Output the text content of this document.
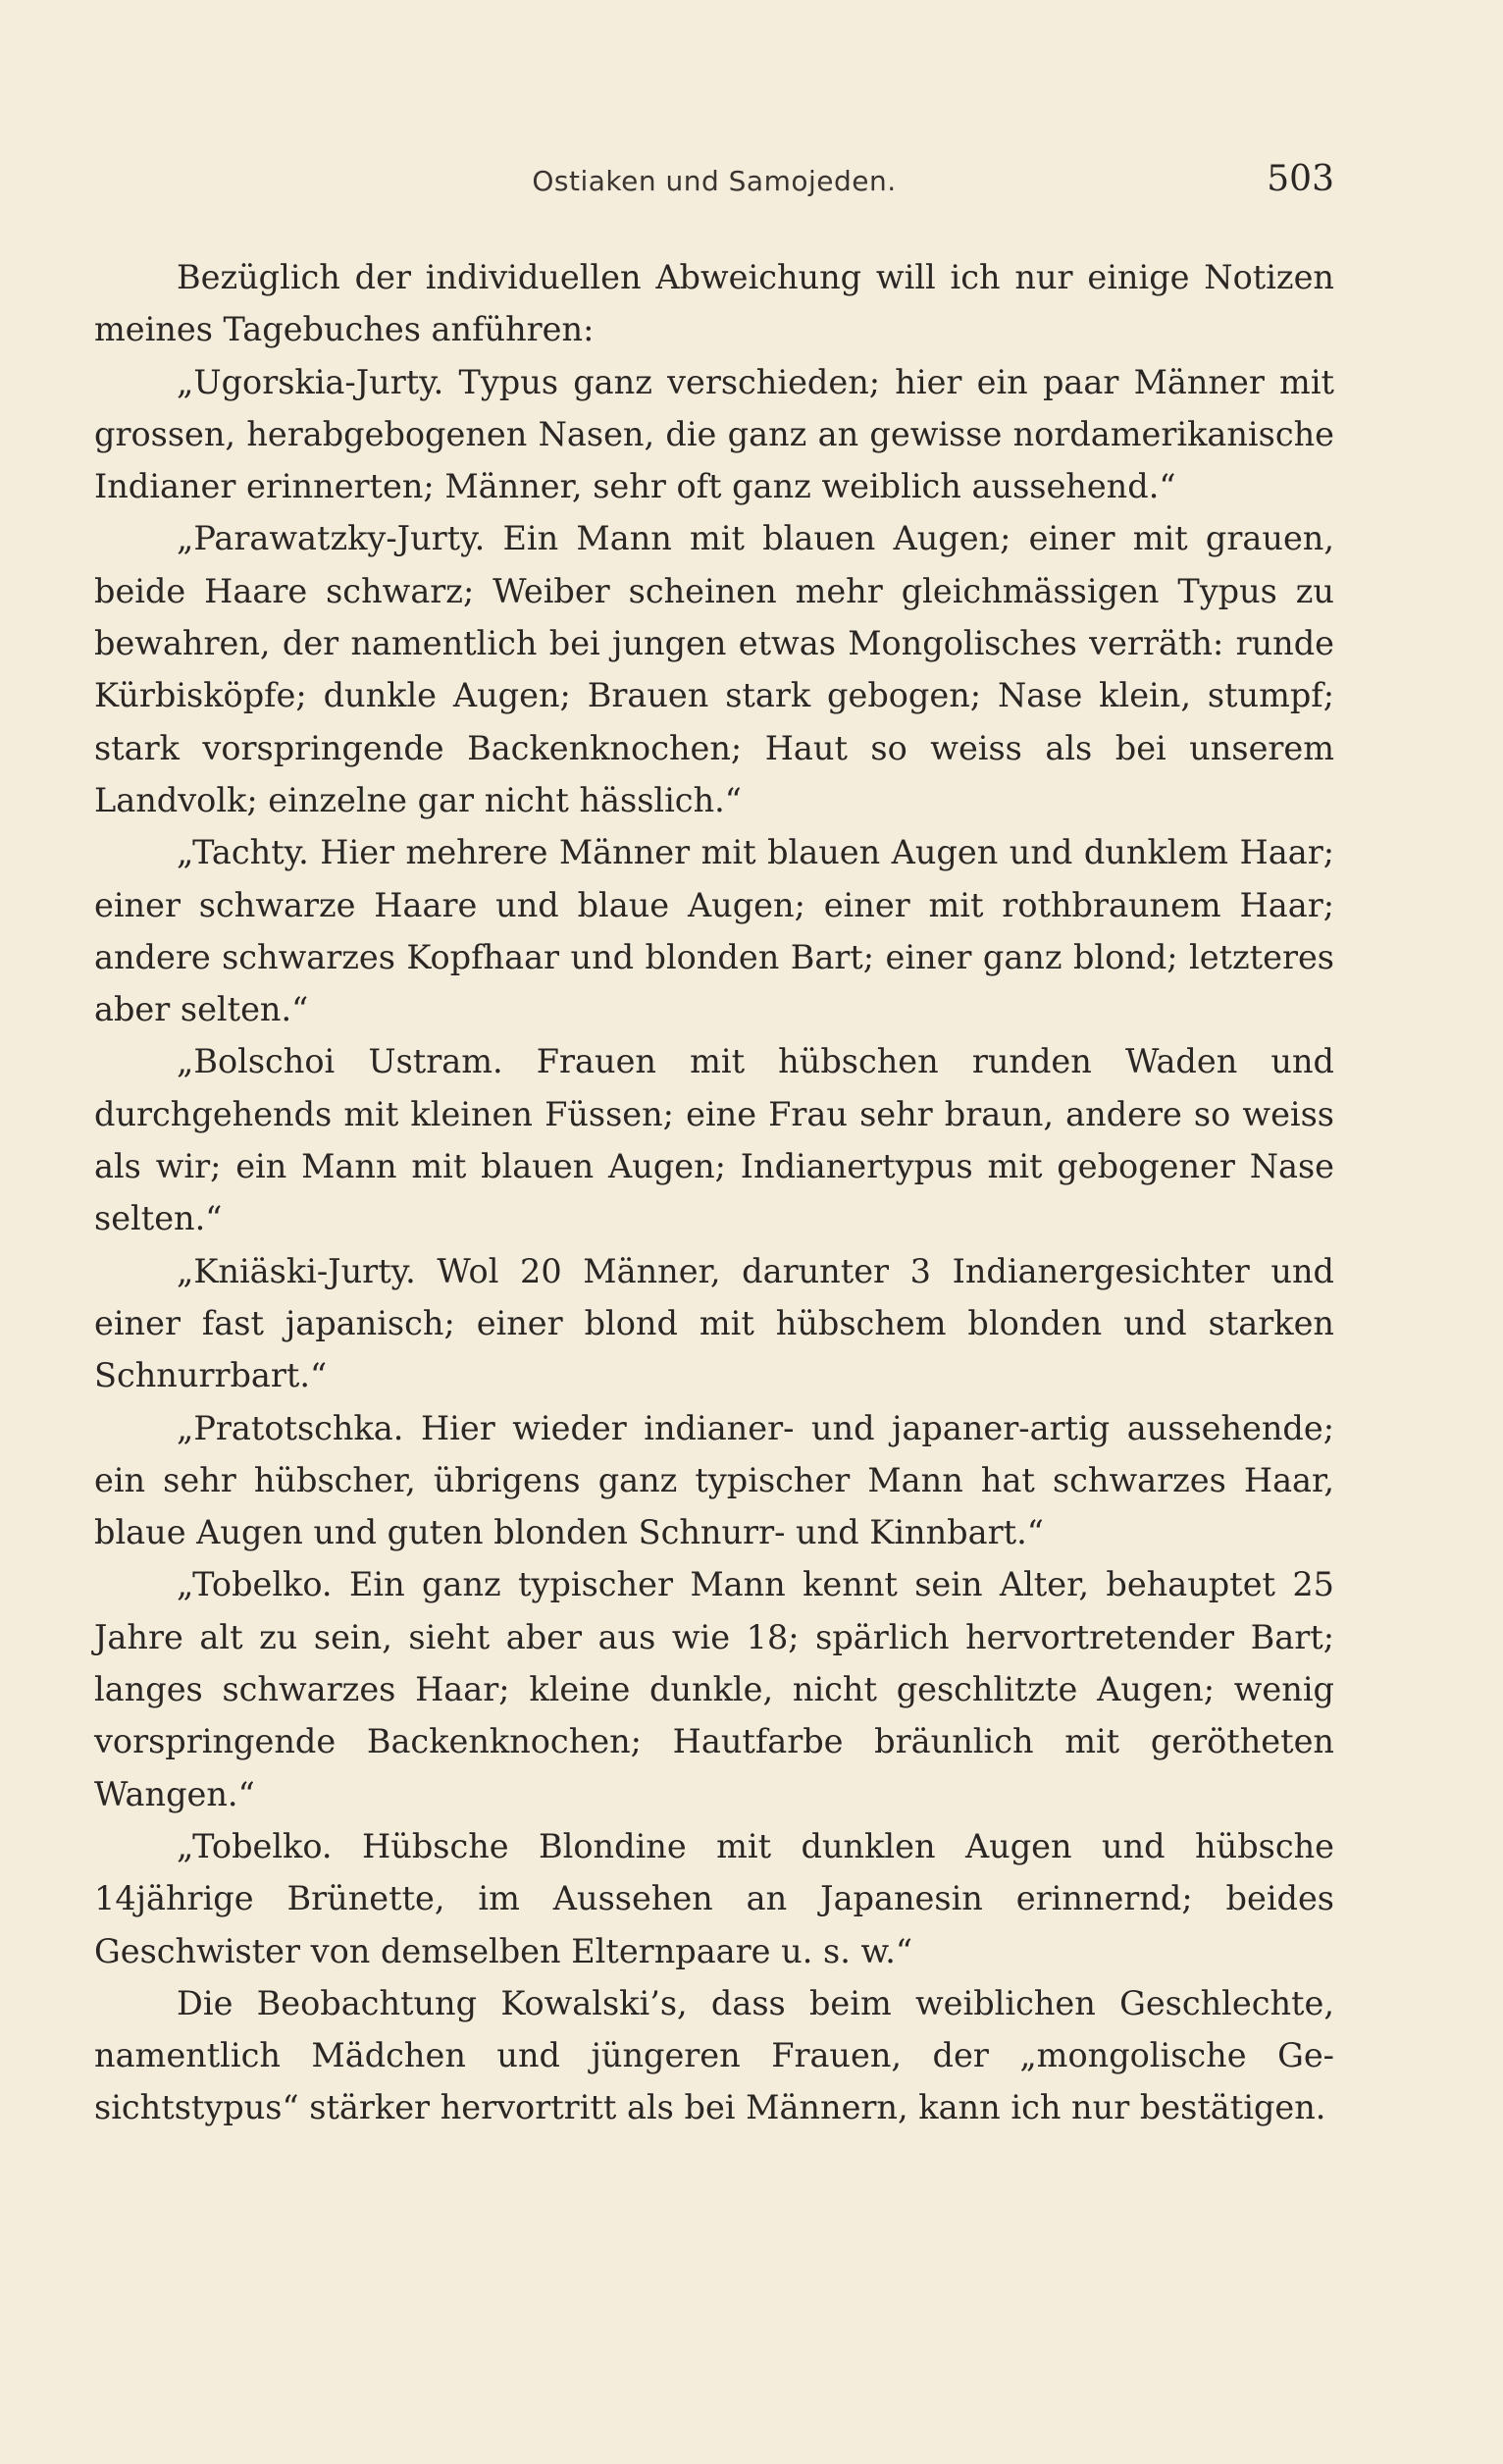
Ostiaken und Samojeden.	503

Bezüglich der individuellen Abweichung will ich nur einige Notizen meines Tagebuches anführen:

„Ugorskia-Jurty. Typus ganz verschieden; hier ein paar Männer mit grossen, herabgebogenen Nasen, die ganz an gewisse nordamerikanische Indianer erinnerten; Männer, sehr oft ganz weiblich aussehend.“

„Parawatzky-Jurty. Ein Mann mit blauen Augen; einer mit grauen, beide Haare schwarz; Weiber scheinen mehr gleichmässigen Typus zu bewahren, der namentlich bei jungen etwas Mongolisches verräth: runde Kürbisköpfe; dunkle Augen; Brauen stark gebogen; Nase klein, stumpf; stark vorspringende Backenknochen; Haut so weiss als bei unserem Landvolk; einzelne gar nicht hässlich.“

„Tachty. Hier mehrere Männer mit blauen Augen und dunklem Haar; einer schwarze Haare und blaue Augen; einer mit rothbraunem Haar; andere schwarzes Kopfhaar und blonden Bart; einer ganz blond; letzteres aber selten.“

„Bolschoi Ustram. Frauen mit hübschen runden Waden und durchgehends mit kleinen Füssen; eine Frau sehr braun, andere so weiss als wir; ein Mann mit blauen Augen; Indianertypus mit gebogener Nase selten.“

„Kniäski-Jurty. Wol 20 Männer, darunter 3 Indianergesichter und einer fast japanisch; einer blond mit hübschem blonden und starken Schnurrbart.“

„Pratotschka. Hier wieder indianer- und japaner-artig aussehende; ein sehr hübscher, übrigens ganz typischer Mann hat schwarzes Haar, blaue Augen und guten blonden Schnurr- und Kinnbart.“

„Tobelko. Ein ganz typischer Mann kennt sein Alter, behauptet 25 Jahre alt zu sein, sieht aber aus wie 18; spärlich hervortretender Bart; langes schwarzes Haar; kleine dunkle, nicht geschlitzte Augen; wenig vorspringende Backenknochen; Hautfarbe bräunlich mit gerötheten Wangen.“

„Tobelko. Hübsche Blondine mit dunklen Augen und hübsche 14jährige Brünette, im Aussehen an Japanesin erinnernd; beides Geschwister von demselben Elternpaare u. s. w.“

Die Beobachtung Kowalski’s, dass beim weiblichen Geschlechte, namentlich Mädchen und jüngeren Frauen, der „mongolische Gesichtstypus“ stärker hervortritt als bei Männern, kann ich nur bestätigen.
